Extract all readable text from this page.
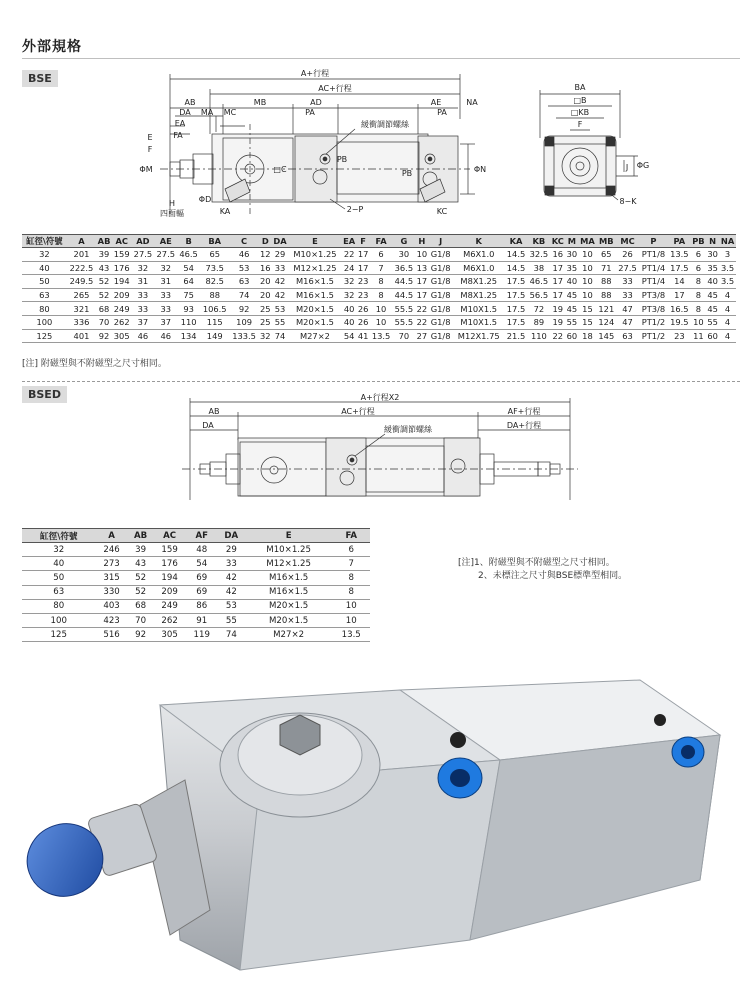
外部規格
BSE	A+行程
AC+行程
AB	MB	AD	AE	NA
DA MA MC	PA	PA
EA
FA
E
F
緩衝調節螺絲
ΦM
ΦD
□C
PB
PB	ΦN
H
四面輻	KA	2−P	KC
BA
□B
□KB
F
ΦG
J
8−K
缸徑\符號	A	AB	AC	AD	AE	B	BA	C	D	DA	E	EA	F	FA	G	H	J	K	KA	KB	KC	M	MA	MB	MC	P	PA	PB	N	NA
32	201	39	159	27.5	27.5	46.5	65	46	12	29	M10×1.25	22	17	6	30	10	G1/8	M6X1.0	14.5	32.5	16	30	10	65	26	PT1/8	13.5	6	30	3
40	222.5	43	176	32	32	54	73.5	53	16	33	M12×1.25	24	17	7	36.5	13	G1/8	M6X1.0	14.5	38	17	35	10	71	27.5	PT1/4	17.5	6	35	3.5
50	249.5	52	194	31	31	64	82.5	63	20	42	M16×1.5	32	23	8	44.5	17	G1/8	M8X1.25	17.5	46.5	17	40	10	88	33	PT1/4	14	8	40	3.5
63	265	52	209	33	33	75	88	74	20	42	M16×1.5	32	23	8	44.5	17	G1/8	M8X1.25	17.5	56.5	17	45	10	88	33	PT3/8	17	8	45	4
80	321	68	249	33	33	93	106.5	92	25	53	M20×1.5	40	26	10	55.5	22	G1/8	M10X1.5	17.5	72	19	45	15	121	47	PT3/8	16.5	8	45	4
100	336	70	262	37	37	110	115	109	25	55	M20×1.5	40	26	10	55.5	22	G1/8	M10X1.5	17.5	89	19	55	15	124	47	PT1/2	19.5	10	55	4
125	401	92	305	46	46	134	149	133.5	32	74	M27×2	54	41	13.5	70	27	G1/8	M12X1.75	21.5	110	22	60	18	145	63	PT1/2	23	11	60	4
[注] 附磁型與不附磁型之尺寸相同。
BSED	A+行程X2
AB	AC+行程	AF+行程
DA	DA+行程
緩衝調節螺絲
缸徑\符號	A	AB	AC	AF	DA	E	FA
32	246	39	159	48	29	M10×1.25	6
40	273	43	176	54	33	M12×1.25	7
50	315	52	194	69	42	M16×1.5	8
63	330	52	209	69	42	M16×1.5	8
80	403	68	249	86	53	M20×1.5	10
100	423	70	262	91	55	M20×1.5	10
125	516	92	305	119	74	M27×2	13.5
[注]1、附磁型與不附磁型之尺寸相同。
2、未標注之尺寸與BSE標準型相同。
